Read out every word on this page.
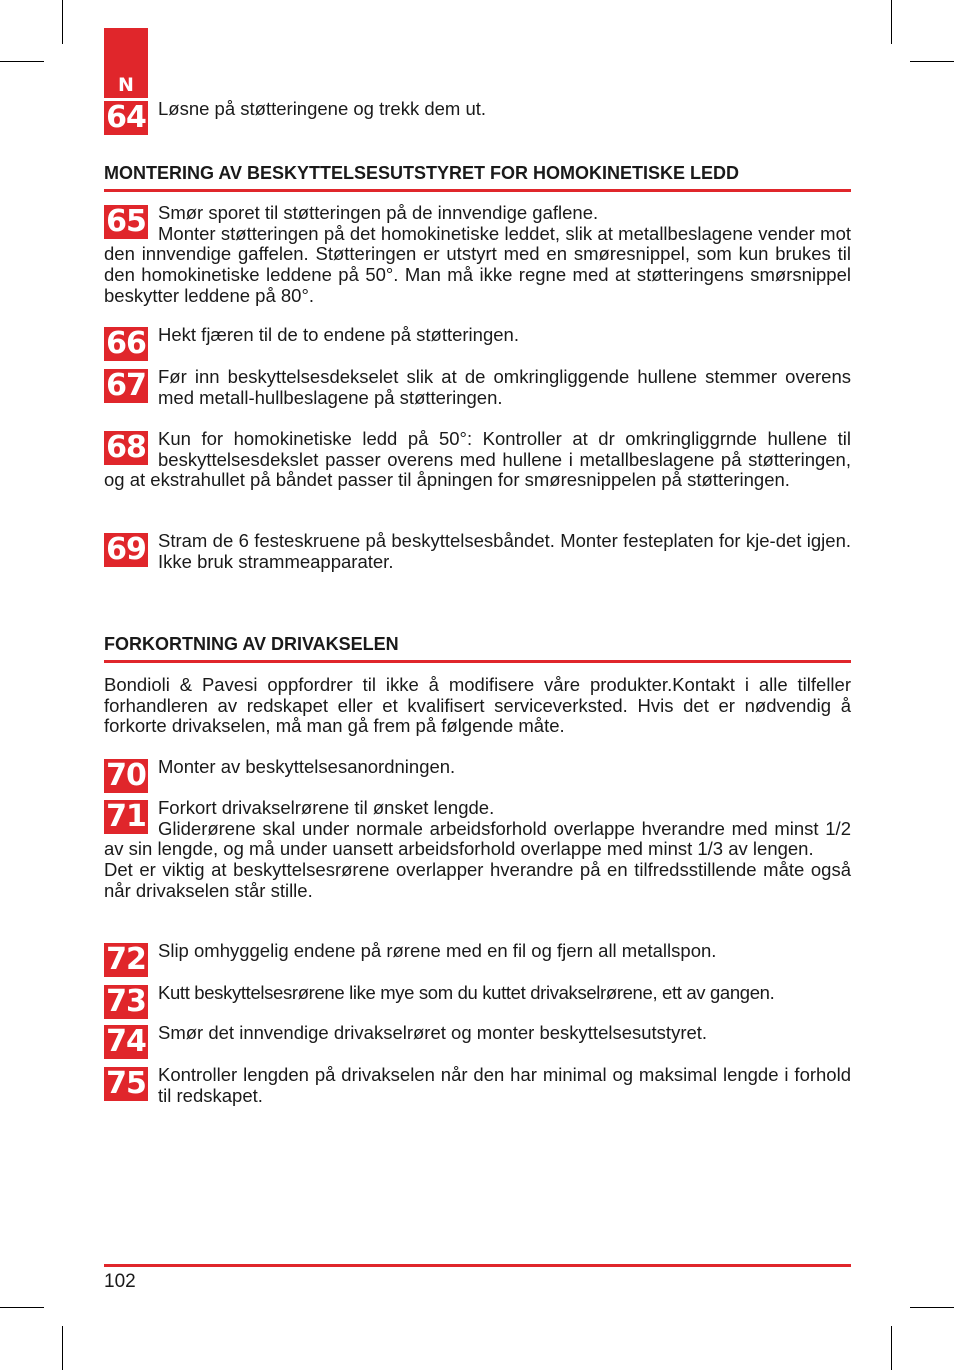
N
64 Løsne på støtteringene og trekk dem ut.
MONTERING AV BESKYTTELSESUTSTYRET FOR HOMOKINETISKE LEDD
65 Smør sporet til støtteringen på de innvendige gaflene.
Monter støtteringen på det homokinetiske leddet, slik at metallbeslagene vender mot den innvendige gaffelen. Støtteringen er utstyrt med en smøresnippel, som kun brukes til den homokinetiske leddene på 50°. Man må ikke regne med at støtteringens smørsnippel beskytter leddene på 80°.
66 Hekt fjæren til de to endene på støtteringen.
67 Før inn beskyttelsesdekselet slik at de omkringliggende hullene stemmer overens med metall-hullbeslagene på støtteringen.
68 Kun for homokinetiske ledd på 50°: Kontroller at dr omkringliggrnde hullene til beskyttelsesdekslet passer overens med hullene i metallbeslagene på støtteringen, og at ekstrahullet på båndet passer til åpningen for smøresnippelen på støtteringen.
69 Stram de 6 festeskruene på beskyttelsesbåndet. Monter festeplaten for kje-det igjen. Ikke bruk strammeapparater.
FORKORTNING AV DRIVAKSELEN
Bondioli & Pavesi oppfordrer til ikke å modifisere våre produkter.Kontakt i alle tilfeller forhandleren av redskapet eller et kvalifisert serviceverksted. Hvis det er nødvendig å forkorte drivakselen, må man gå frem på følgende måte.
70 Monter av beskyttelsesanordningen.
71 Forkort drivakselrørene til ønsket lengde.
Gliderørene skal under normale arbeidsforhold overlappe hverandre med minst 1/2 av sin lengde, og må under uansett arbeidsforhold overlappe med minst 1/3 av lengen.
Det er viktig at beskyttelsesrørene overlapper hverandre på en tilfredsstillende måte også når drivakselen står stille.
72 Slip omhyggelig endene på rørene med en fil og fjern all metallspon.
73 Kutt beskyttelsesrørene like mye som du kuttet drivakselrørene, ett av gangen.
74 Smør det innvendige drivakselrøret og monter beskyttelsesutstyret.
75 Kontroller lengden på drivakselen når den har minimal og maksimal lengde i forhold til redskapet.
102
